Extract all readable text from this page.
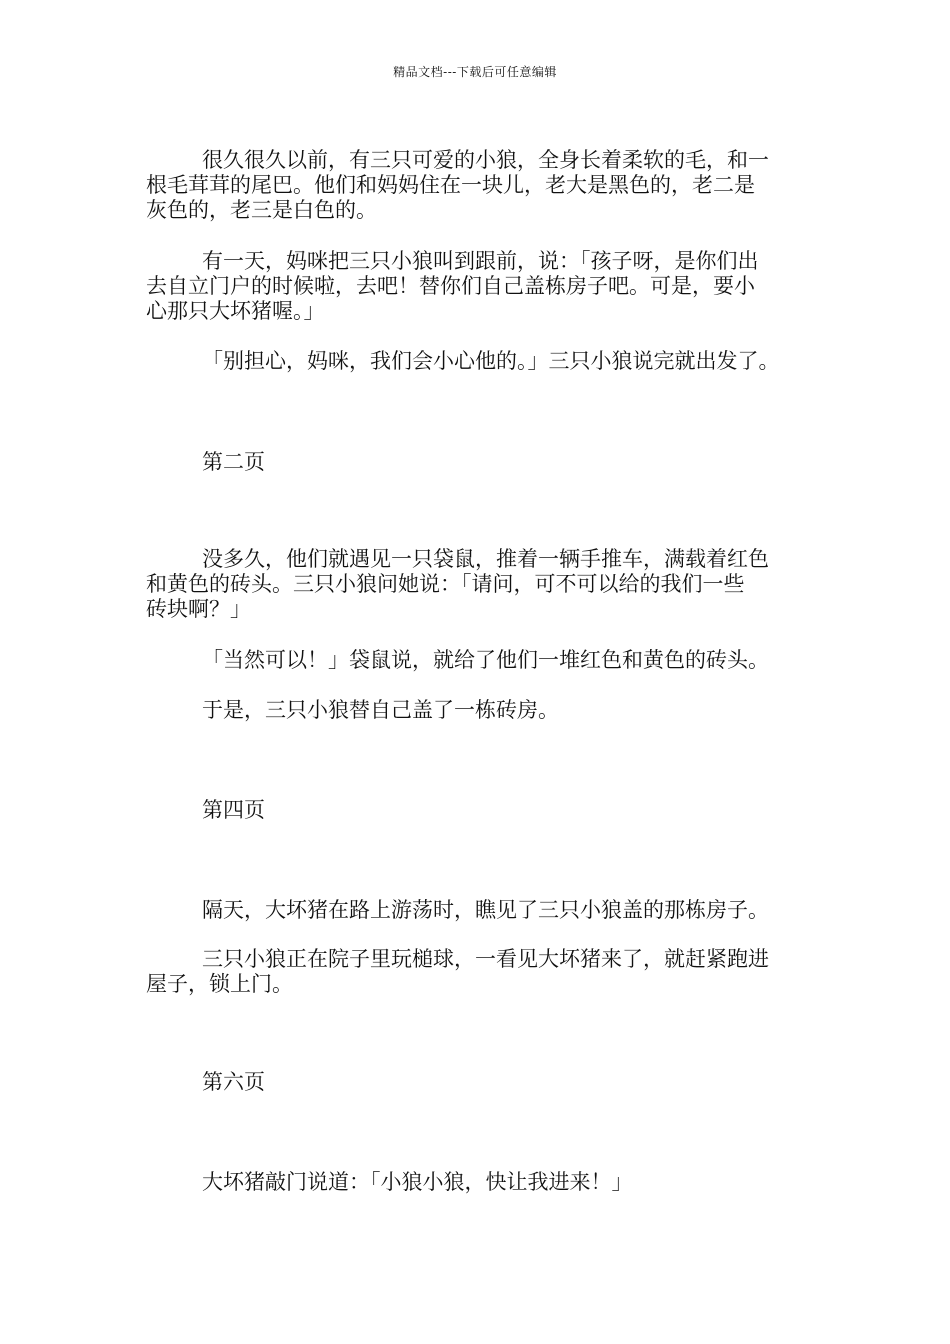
精品文档---下载后可任意编辑
很久很久以前，有三只可爱的小狼，全身长着柔软的毛，和一
根毛茸茸的尾巴。他们和妈妈住在一块儿，老大是黑色的，老二是
灰色的，老三是白色的。
有一天，妈咪把三只小狼叫到跟前，说：「孩子呀，是你们出
去自立门户的时候啦，去吧！替你们自己盖栋房子吧。可是，要小
心那只大坏猪喔。」
「别担心，妈咪，我们会小心他的。」三只小狼说完就出发了。
第二页
没多久，他们就遇见一只袋鼠，推着一辆手推车，满载着红色
和黄色的砖头。三只小狼问她说：「请问，可不可以给的我们一些
砖块啊？」
「当然可以！」袋鼠说，就给了他们一堆红色和黄色的砖头。
于是，三只小狼替自己盖了一栋砖房。
第四页
隔天，大坏猪在路上游荡时，瞧见了三只小狼盖的那栋房子。
三只小狼正在院子里玩槌球，一看见大坏猪来了，就赶紧跑进
屋子，锁上门。
第六页
大坏猪敲门说道：「小狼小狼，快让我进来！」
